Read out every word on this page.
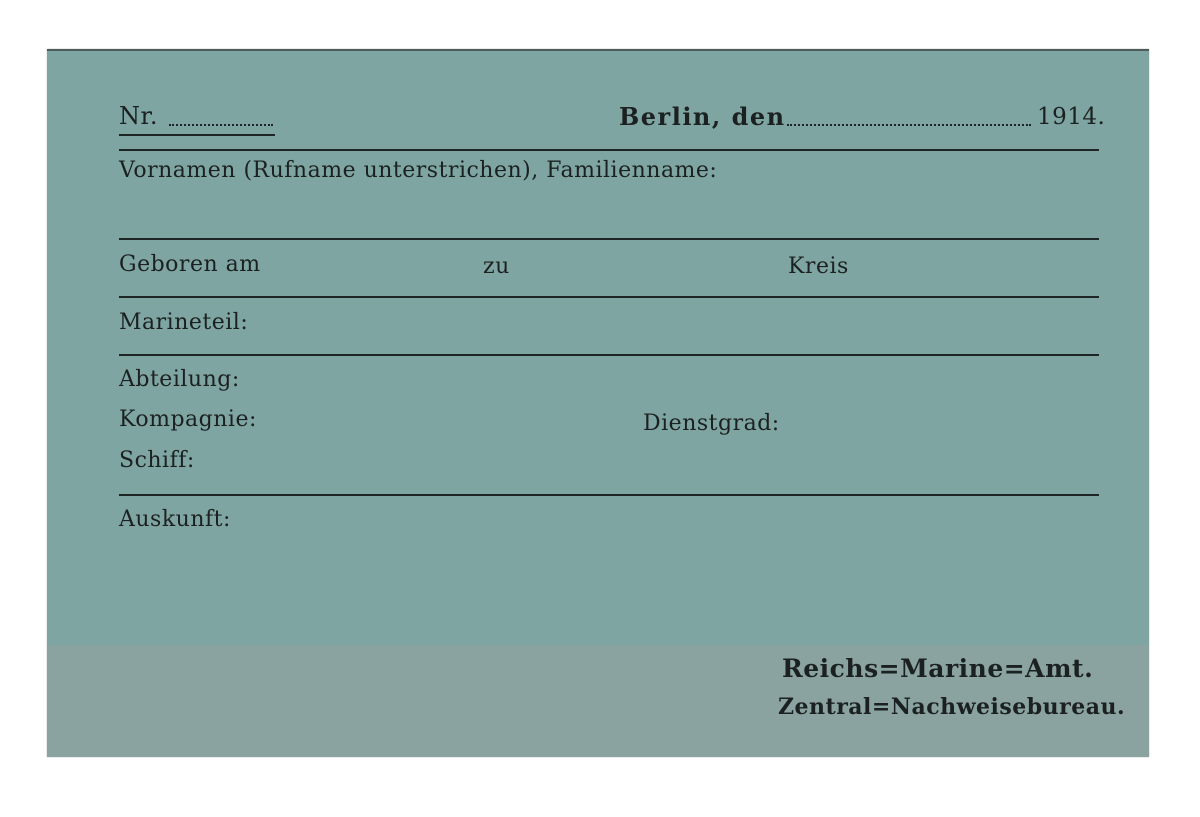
Nr.	Berlin, den	1914.
Vornamen (Rufname unterstrichen), Familienname:
Geboren am	zu	Kreis
Marineteil:
Abteilung:
Kompagnie:	Dienstgrad:
Schiff:
Auskunft:
Reichs=Marine=Amt.
Zentral=Nachweisebureau.
